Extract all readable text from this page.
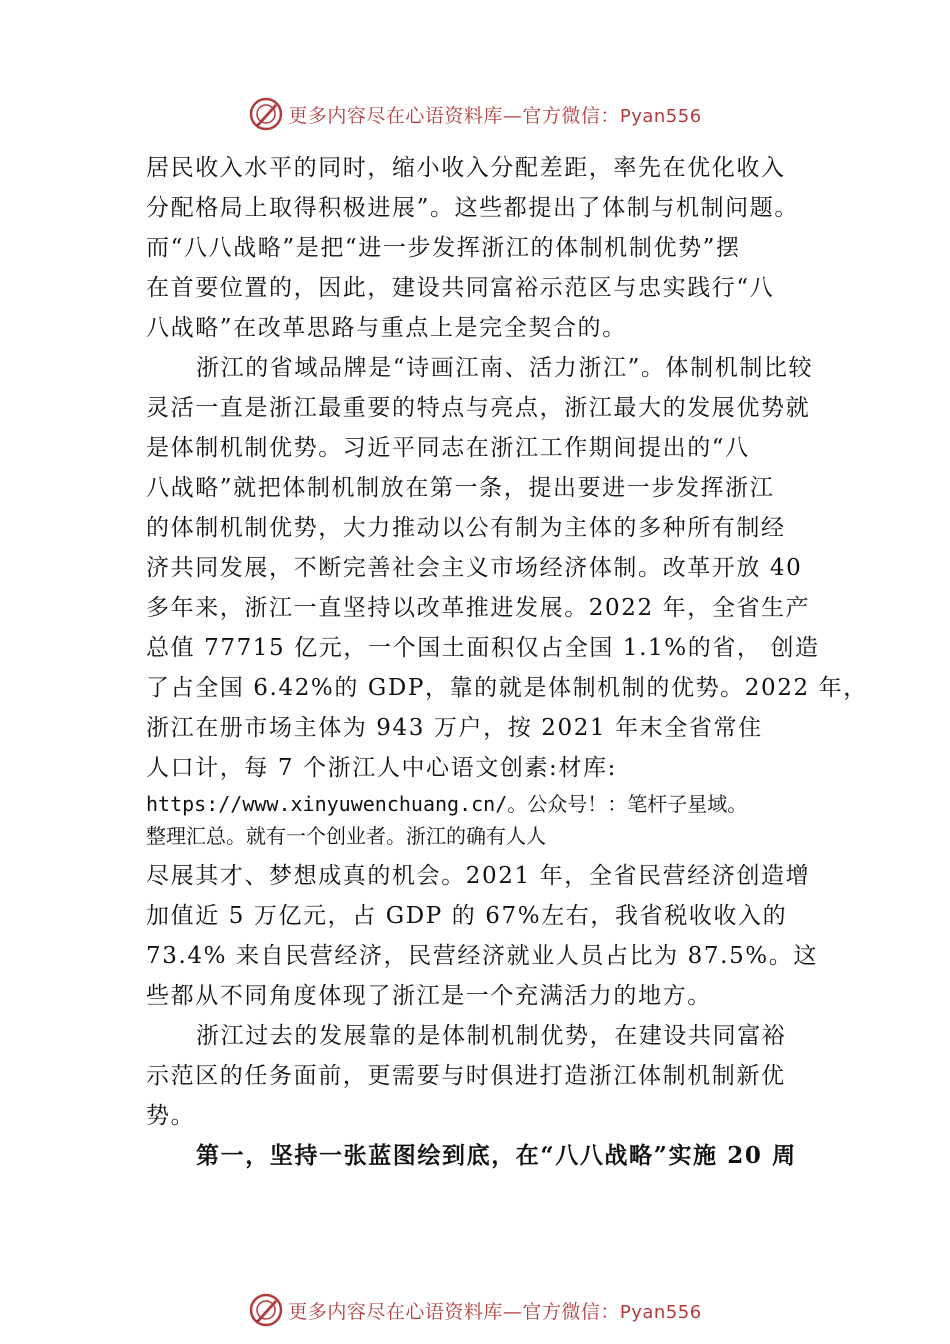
更多内容尽在心语资料库—官方微信：Pyan556
居民收入水平的同时，缩小收入分配差距，率先在优化收入
分配格局上取得积极进展”。这些都提出了体制与机制问题。
而“八八战略”是把“进一步发挥浙江的体制机制优势”摆
在首要位置的，因此，建设共同富裕示范区与忠实践行“八
八战略”在改革思路与重点上是完全契合的。
浙江的省域品牌是“诗画江南、活力浙江”。体制机制比较
灵活一直是浙江最重要的特点与亮点，浙江最大的发展优势就
是体制机制优势。习近平同志在浙江工作期间提出的“八
八战略”就把体制机制放在第一条，提出要进一步发挥浙江
的体制机制优势，大力推动以公有制为主体的多种所有制经
济共同发展，不断完善社会主义市场经济体制。改革开放 40
多年来，浙江一直坚持以改革推进发展。2022 年，全省生产
总值 77715 亿元，一个国土面积仅占全国 1.1%的省， 创造
了占全国 6.42%的 GDP，靠的就是体制机制的优势。2022 年，
浙江在册市场主体为 943 万户，按 2021 年末全省常住
人口计，每 7 个浙江人中心语文创素:材库:
https://www.xinyuwenchuang.cn/。公众号！：笔杆子星域。
整理汇总。就有一个创业者。浙江的确有人人
尽展其才、梦想成真的机会。2021 年，全省民营经济创造增
加值近 5 万亿元，占 GDP 的 67%左右，我省税收收入的
73.4% 来自民营经济，民营经济就业人员占比为 87.5%。这
些都从不同角度体现了浙江是一个充满活力的地方。
浙江过去的发展靠的是体制机制优势，在建设共同富裕
示范区的任务面前，更需要与时俱进打造浙江体制机制新优
势。
第一，坚持一张蓝图绘到底，在“八八战略”实施 20 周
更多内容尽在心语资料库—官方微信：Pyan556
